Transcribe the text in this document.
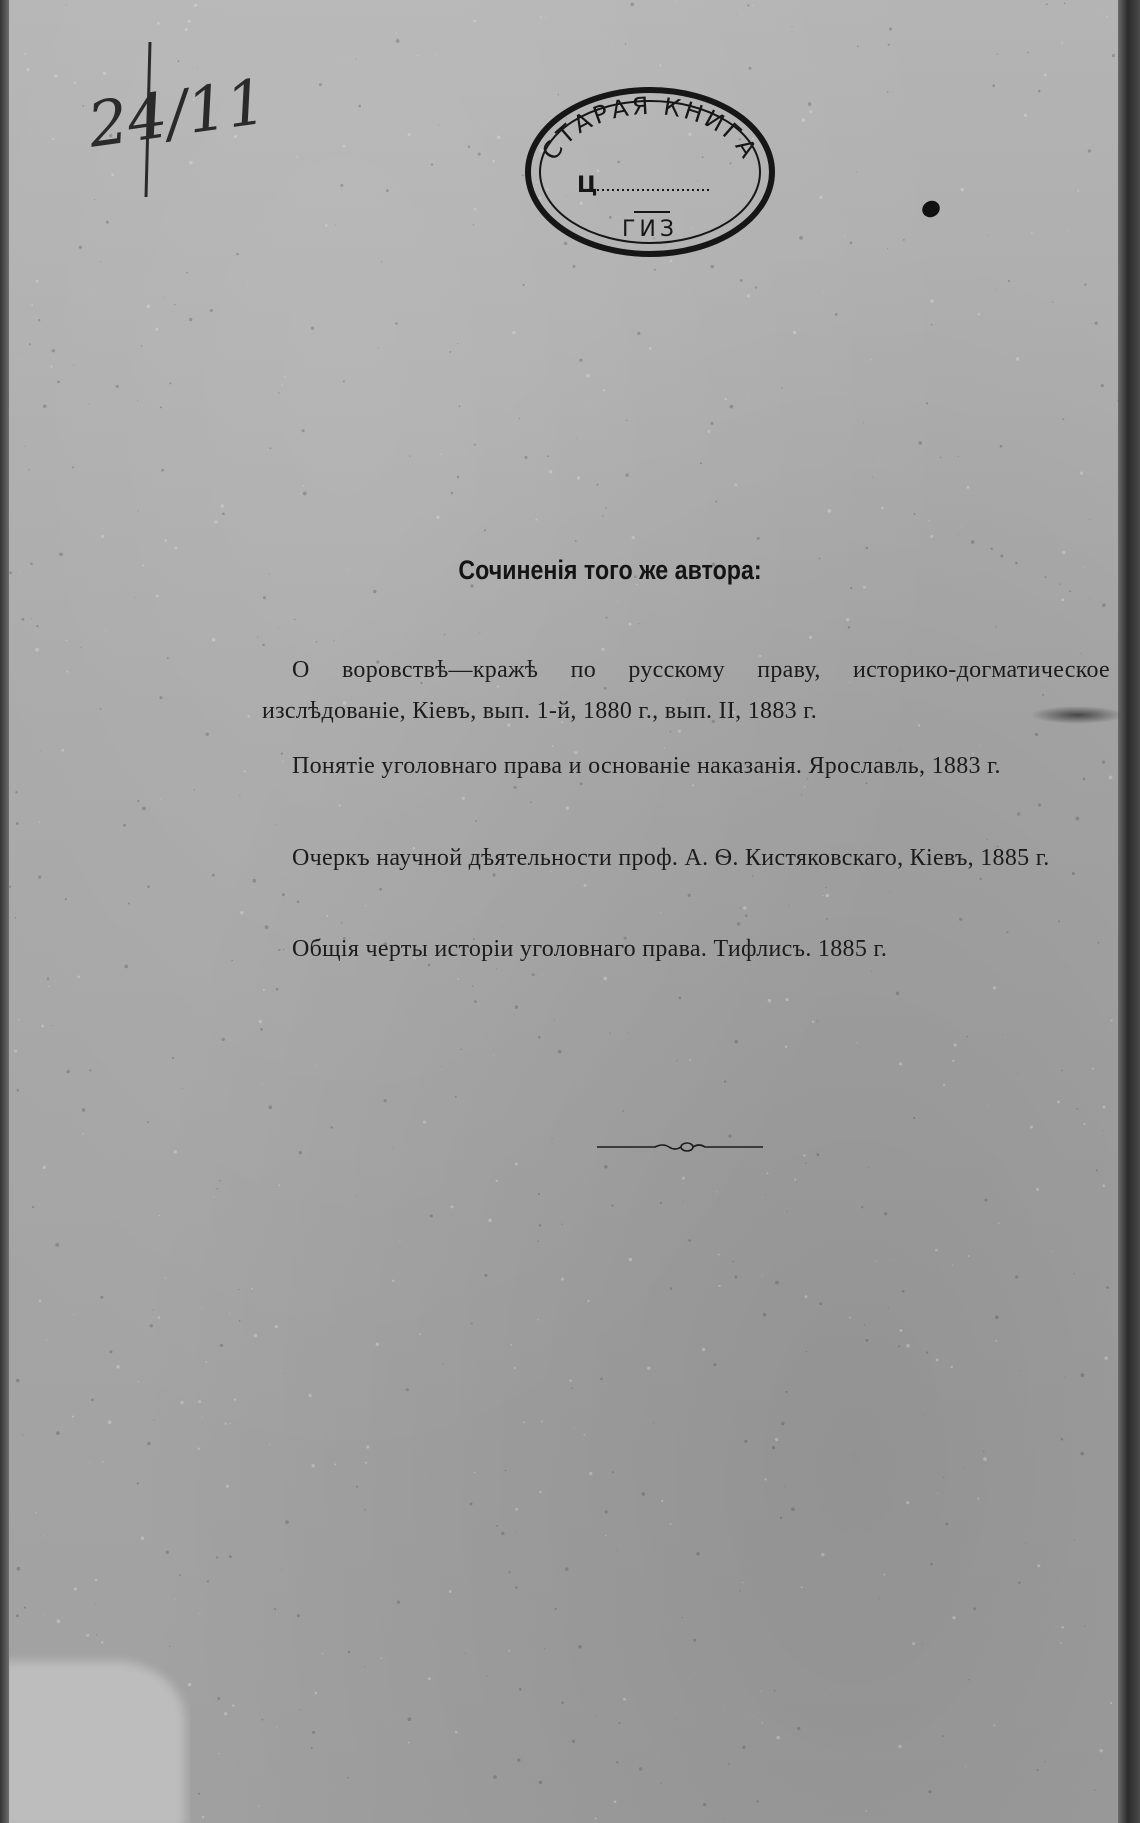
24/11	СТАРАЯ КНИГА
Ц
ГИЗ
Сочиненія того же автора:

О воровствѣ—кражѣ по русскому праву, историко-догматическое изслѣдованіе, Кіевъ, вып. 1-й, 1880 г., вып. II, 1883 г.

Понятіе уголовнаго права и основаніе наказанія. Ярославль, 1883 г.

Очеркъ научной дѣятельности проф. А. Ѳ. Кистяковскаго, Кіевъ, 1885 г.

Общія черты исторіи уголовнаго права. Тифлисъ. 1885 г.
